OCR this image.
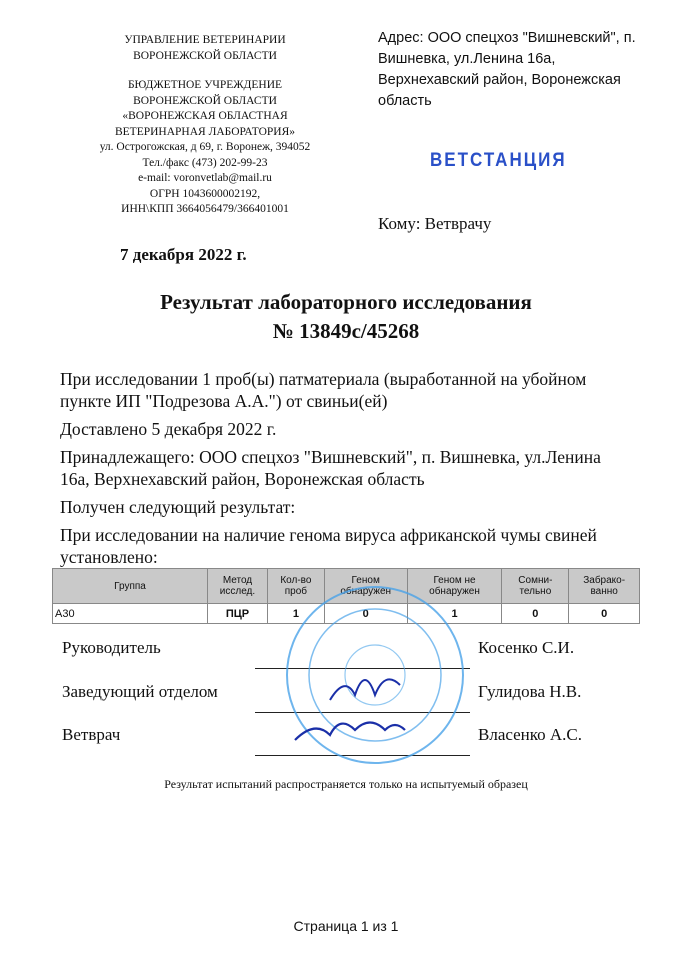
УПРАВЛЕНИЕ ВЕТЕРИНАРИИ
ВОРОНЕЖСКОЙ ОБЛАСТИ
БЮДЖЕТНОЕ УЧРЕЖДЕНИЕ
ВОРОНЕЖСКОЙ ОБЛАСТИ
«ВОРОНЕЖСКАЯ ОБЛАСТНАЯ
ВЕТЕРИНАРНАЯ ЛАБОРАТОРИЯ»
ул. Острогожская, д 69, г. Воронеж, 394052
Тел./факс (473) 202-99-23
e-mail: voronvetlab@mail.ru
ОГРН 1043600002192,
ИНН\КПП 3664056479/366401001
Адрес: ООО спецхоз "Вишневский", п. Вишневка, ул.Ленина 16а, Верхнехавский район, Воронежская область
ВЕТСТАНЦИЯ
Кому: Ветврачу
7 декабря 2022 г.
Результат лабораторного исследования
№ 13849с/45268
При исследовании 1 проб(ы) патматериала (выработанной на убойном пункте ИП "Подрезова А.А.") от свиньи(ей)
Доставлено 5 декабря 2022 г.
Принадлежащего: ООО спецхоз "Вишневский", п. Вишневка, ул.Ленина 16а, Верхнехавский район, Воронежская область
Получен следующий результат:
При исследовании на наличие генома вируса африканской чумы свиней установлено:
Группа	Метод исслед.	Кол-во проб	Геном обнаружен	Геном не обнаружен	Сомни-тельно	Забрако-ванно
А30	ПЦР	1	0	1	0	0
Руководитель	Косенко С.И.
Заведующий отделом	Гулидова Н.В.
Ветврач	Власенко А.С.
Результат испытаний распространяется только на испытуемый образец
Страница 1 из 1
